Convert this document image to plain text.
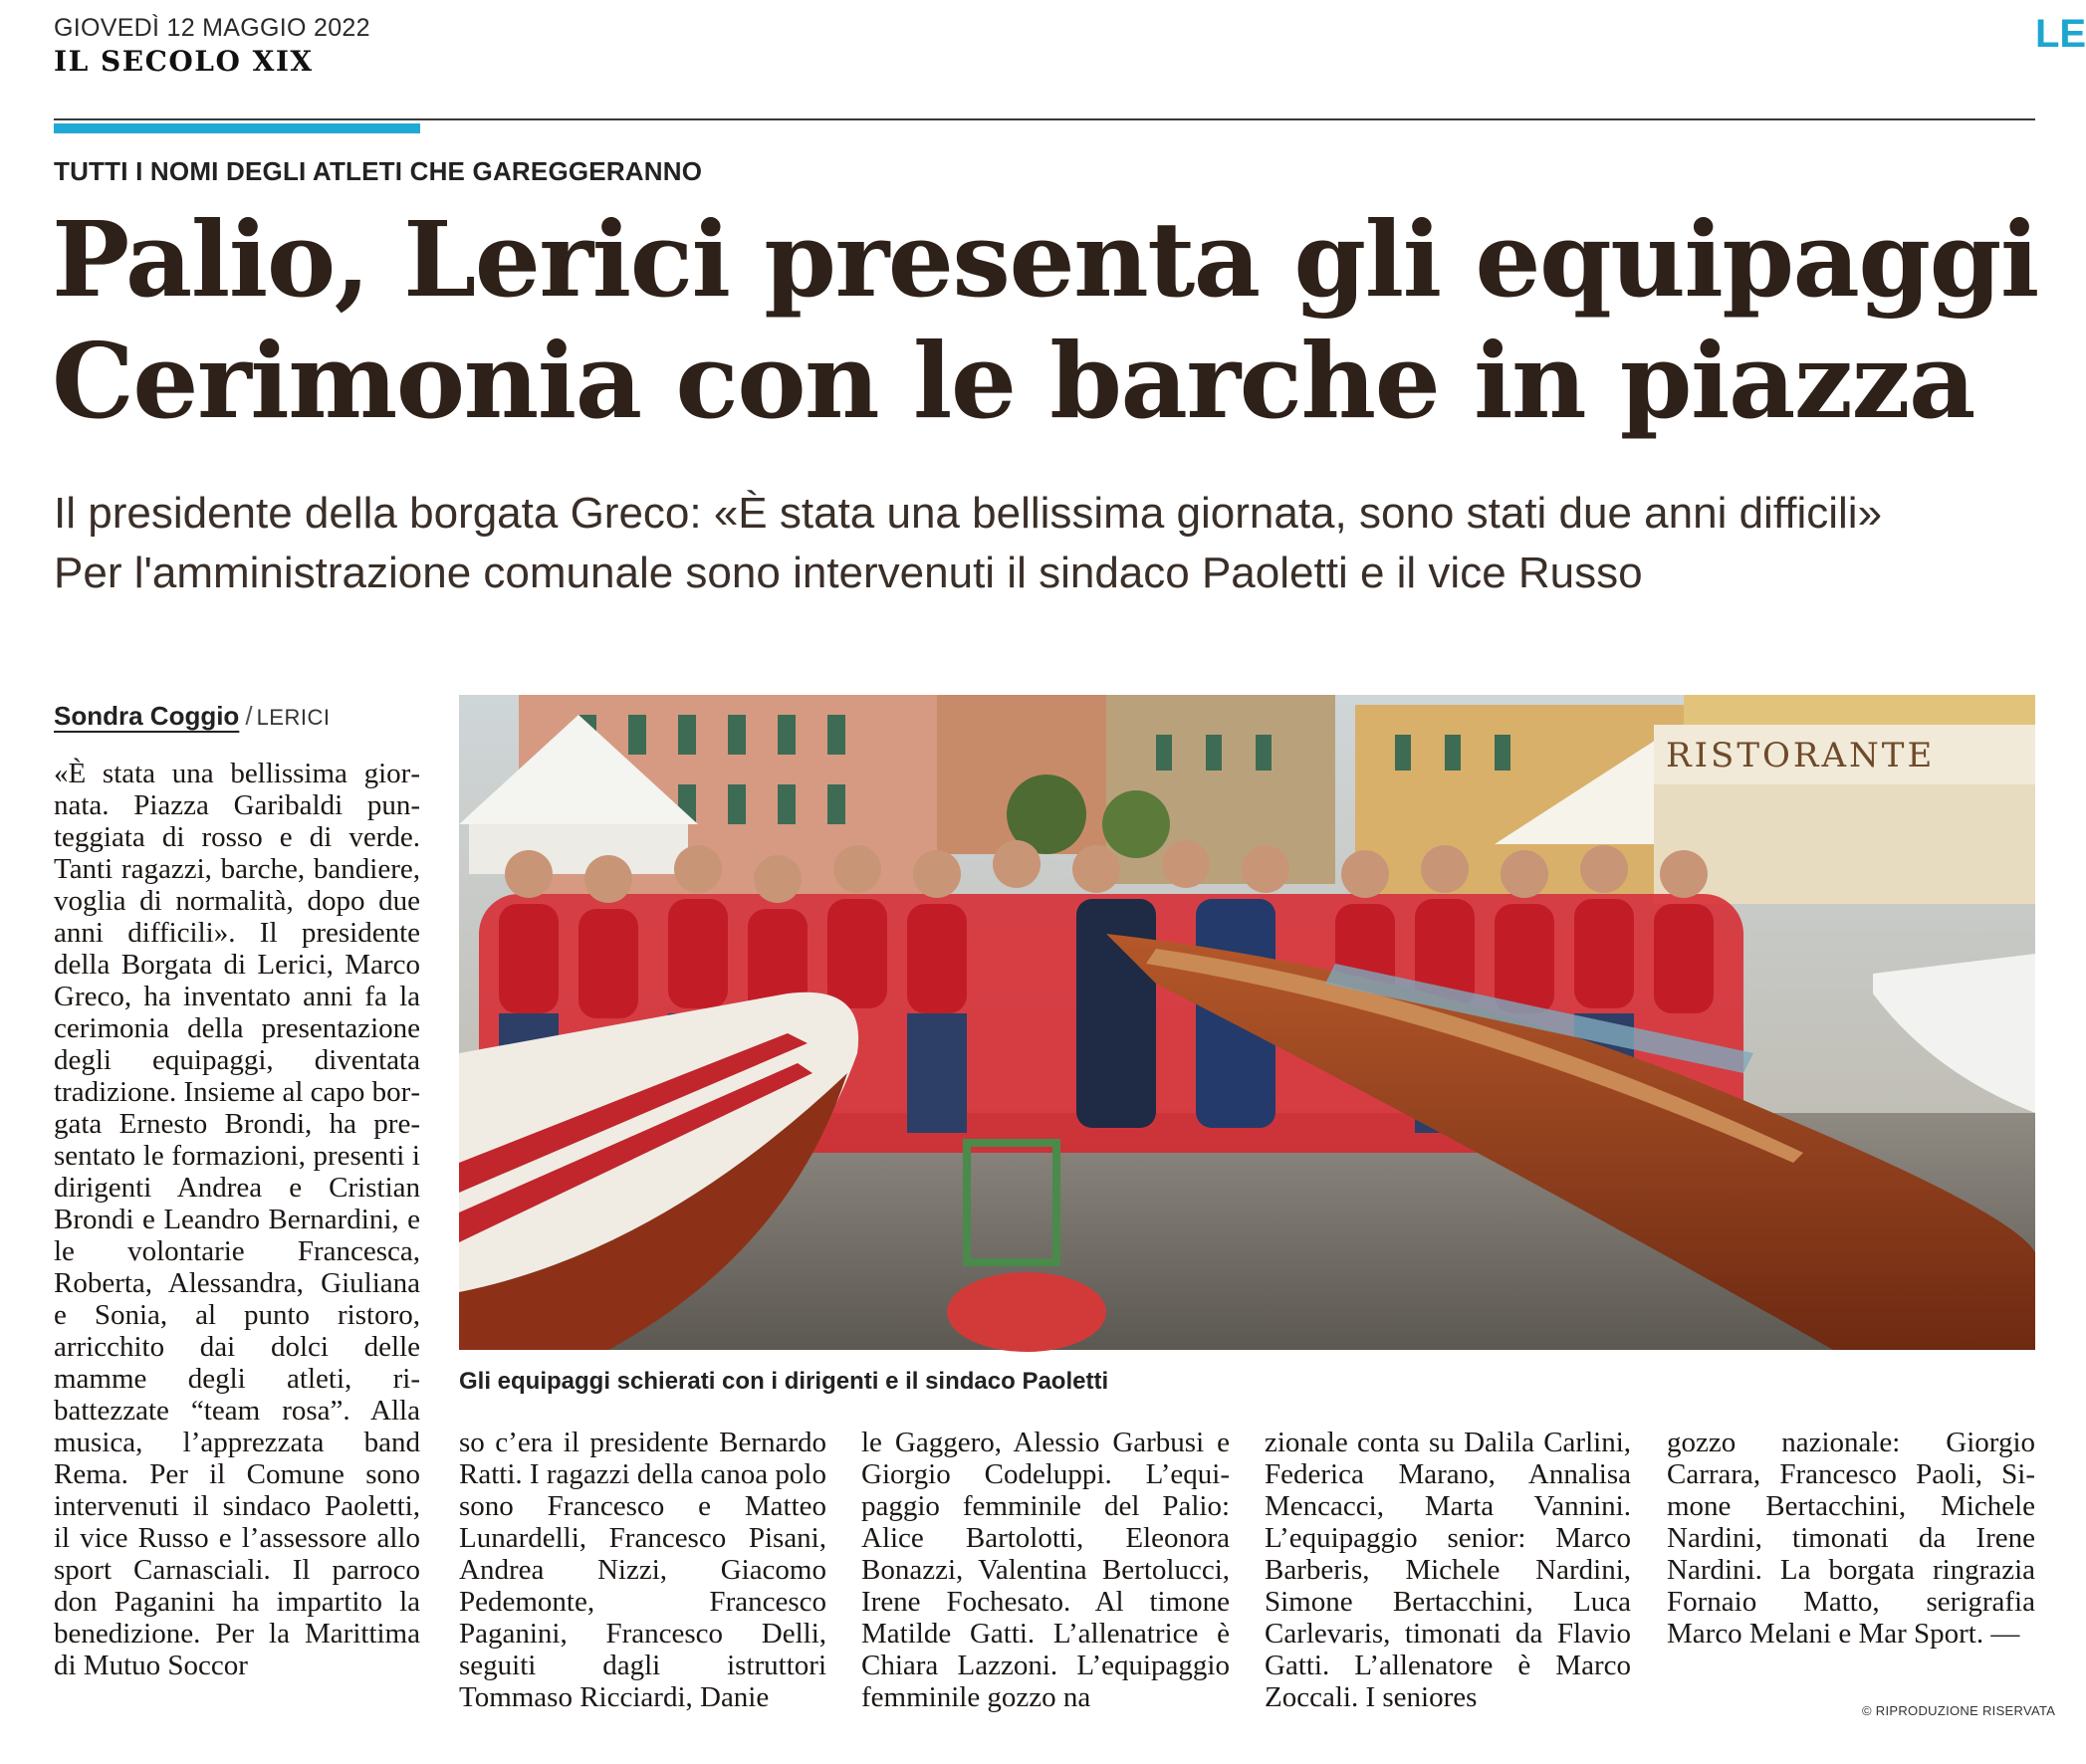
GIOVEDÌ 12 MAGGIO 2022
IL SECOLO XIX
LE
TUTTI I NOMI DEGLI ATLETI CHE GAREGGERANNO
Palio, Lerici presenta gli equipaggi
Cerimonia con le barche in piazza
Il presidente della borgata Greco: «È stata una bellissima giornata, sono stati due anni difficili»
Per l'amministrazione comunale sono intervenuti il sindaco Paoletti e il vice Russo
Sondra Coggio / LERICI

«È stata una bellissima giornata. Piazza Garibaldi punteggiata di rosso e di verde. Tanti ragazzi, barche, bandiere, voglia di normalità, dopo due anni difficili». Il presidente della Borgata di Lerici, Marco Greco, ha inventato anni fa la cerimonia della presentazione degli equipaggi, diventata tradizione. Insieme al capo borgata Ernesto Brondi, ha presentato le formazioni, presenti i dirigenti Andrea e Cristian Brondi e Leandro Bernardini, e le volontarie Francesca, Roberta, Alessandra, Giuliana e Sonia, al punto ristoro, arricchito dai dolci delle mamme degli atleti, ribattezzate “team rosa”. Alla musica, l’apprezzata band Rema. Per il Comune sono intervenuti il sindaco Paoletti, il vice Russo e l’assessore allo sport Carnasciali. Il parroco don Paganini ha impartito la benedizione. Per la Marittima di Mutuo Soccor

RISTORANTE
Gli equipaggi schierati con i dirigenti e il sindaco Paoletti

so c’era il presidente Bernardo Ratti. I ragazzi della canoa polo sono Francesco e Matteo Lunardelli, Francesco Pisani, Andrea Nizzi, Giacomo Pedemonte, Francesco Paganini, Francesco Delli, seguiti dagli istruttori Tommaso Ricciardi, Danie

le Gaggero, Alessio Garbusi e Giorgio Codeluppi. L’equipaggio femminile del Palio: Alice Bartolotti, Eleonora Bonazzi, Valentina Bertolucci, Irene Fochesato. Al timone Matilde Gatti. L’allenatrice è Chiara Lazzoni. L’equipaggio femminile gozzo na

zionale conta su Dalila Carlini, Federica Marano, Annalisa Mencacci, Marta Vannini. L’equipaggio senior: Marco Barberis, Michele Nardini, Simone Bertacchini, Luca Carlevaris, timonati da Flavio Gatti. L’allenatore è Marco Zoccali. I seniores

gozzo nazionale: Giorgio Carrara, Francesco Paoli, Simone Bertacchini, Michele Nardini, timonati da Irene Nardini. La borgata ringrazia Fornaio Matto, serigrafia Marco Melani e Mar Sport. —

© RIPRODUZIONE RISERVATA
